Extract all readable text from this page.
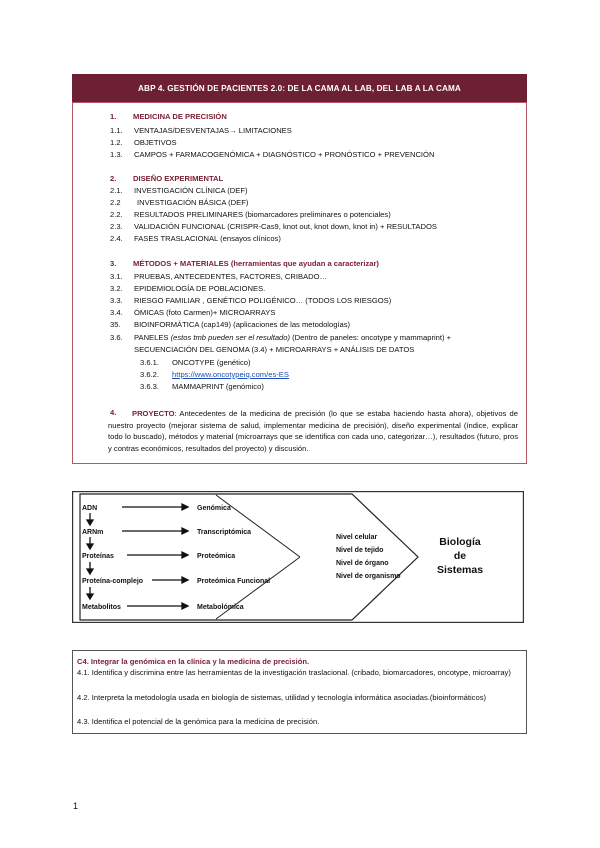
ABP 4. GESTIÓN DE PACIENTES 2.0: DE LA CAMA AL LAB, DEL LAB A LA CAMA
1. MEDICINA DE PRECISIÓN
1.1. VENTAJAS/DESVENTAJAS→ LIMITACIONES
1.2. OBJETIVOS
1.3. CAMPOS + FARMACOGENÓMICA + DIAGNÓSTICO + PRONÓSTICO + PREVENCIÓN
2. DISEÑO EXPERIMENTAL
2.1. INVESTIGACIÓN CLÍNICA (DEF)
2.2 INVESTIGACIÓN BÁSICA (DEF)
2.2. RESULTADOS PRELIMINARES (biomarcadores preliminares o potenciales)
2.3. VALIDACIÓN FUNCIONAL (CRISPR-Cas9, knot out, knot down, knot in) + RESULTADOS
2.4. FASES TRASLACIONAL (ensayos clínicos)
3. MÉTODOS + MATERIALES (herramientas que ayudan a caracterizar)
3.1. PRUEBAS, ANTECEDENTES, FACTORES, CRIBADO…
3.2. EPIDEMIOLOGÍA DE POBLACIONES.
3.3. RIESGO FAMILIAR , GENÉTICO POLIGÉNICO… (TODOS LOS RIESGOS)
3.4. ÓMICAS (foto Carmen)+ MICROARRAYS
35. BIOINFORMÁTICA (cap149) (aplicaciones de las metodologías)
3.6. PANELES (estos tmb pueden ser el resultado) (Dentro de paneles: oncotype y mammaprint) +
SECUENCIACIÓN DEL GENOMA (3.4) + MICROARRAYS + ANÁLISIS DE DATOS
3.6.1. ONCOTYPE (genético)
3.6.2. https://www.oncotypeiq.com/es-ES
3.6.3. MAMMAPRINT (genómico)
4.	PROYECTO: Antecedentes de la medicina de precisión (lo que se estaba haciendo hasta ahora), objetivos de nuestro proyecto (mejorar sistema de salud, implementar medicina de precisión), diseño experimental (índice, explicar todo lo buscado), métodos y material (microarrays que se identifica con cada uno, categorizar…), resultados (futuro, pros y contras económicos, resultados del proyecto) y discusión.
ADN
ARNm
Proteínas
Proteína-complejo
Metabolitos
Genómica
Transcriptómica
Proteómica
Proteómica Funcional
Metabolómica
Nivel celular
Nivel de tejido
Nivel de órgano
Nivel de organismo
Biología
de
Sistemas
C4. Integrar la genómica en la clínica y la medicina de precisión.
4.1. Identifica y discrimina entre las herramientas de la investigación traslacional. (cribado, biomarcadores, oncotype, microarray)
4.2. Interpreta la metodología usada en biología de sistemas, utilidad y tecnología informática asociadas.(bioinformáticos)
4.3. Identifica el potencial de la genómica para la medicina de precisión.
1
